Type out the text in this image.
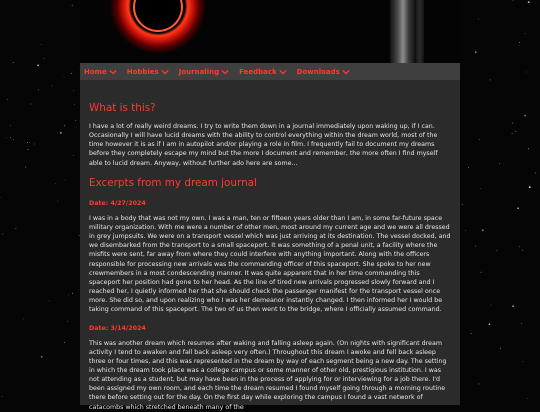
Home	Hobbies	Journaling	Feedback	Downloads
What is this?

I have a lot of really weird dreams. I try to write them down in a journal immediately upon waking up, if I can. Occasionally I will have lucid dreams with the ability to control everything within the dream world, most of the time however it is as if I am in autopilot and/or playing a role in film. I frequently fail to document my dreams before they completely escape my mind but the more I document and remember, the more often I find myself able to lucid dream. Anyway, without further ado here are some...

Excerpts from my dream journal
Date: 4/27/2024

I was in a body that was not my own. I was a man, ten or fifteen years older than I am, in some far-future space military organization. With me were a number of other men, most around my current age and we were all dressed in grey jumpsuits. We were on a transport vessel which was just arriving at its destination. The vessel docked, and we disembarked from the transport to a small spaceport. It was something of a penal unit, a facility where the misfits were sent, far away from where they could interfere with anything important. Along with the officers responsible for processing new arrivals was the commanding officer of this spaceport. She spoke to her new crewmembers in a most condescending manner. It was quite apparent that in her time commanding this spaceport her position had gone to her head. As the line of tired new arrivals progressed slowly forward and I reached her, I quietly informed her that she should check the passenger manifest for the transport vessel once more. She did so, and upon realizing who I was her demeanor instantly changed. I then informed her I would be taking command of this spaceport. The two of us then went to the bridge, where I officially assumed command.

Date: 3/14/2024

This was another dream which resumes after waking and falling asleep again. (On nights with significant dream activity I tend to awaken and fall back asleep very often.) Throughout this dream I awoke and fell back asleep three or four times, and this was represented in the dream by way of each segment being a new day. The setting in which the dream took place was a college campus or some manner of other old, prestigious institution. I was not attending as a student, but may have been in the process of applying for or interviewing for a job there. I'd been assigned my own room, and each time the dream resumed I found myself going through a morning routine there before setting out for the day. On the first day while exploring the campus I found a vast network of catacombs which stretched beneath many of the
